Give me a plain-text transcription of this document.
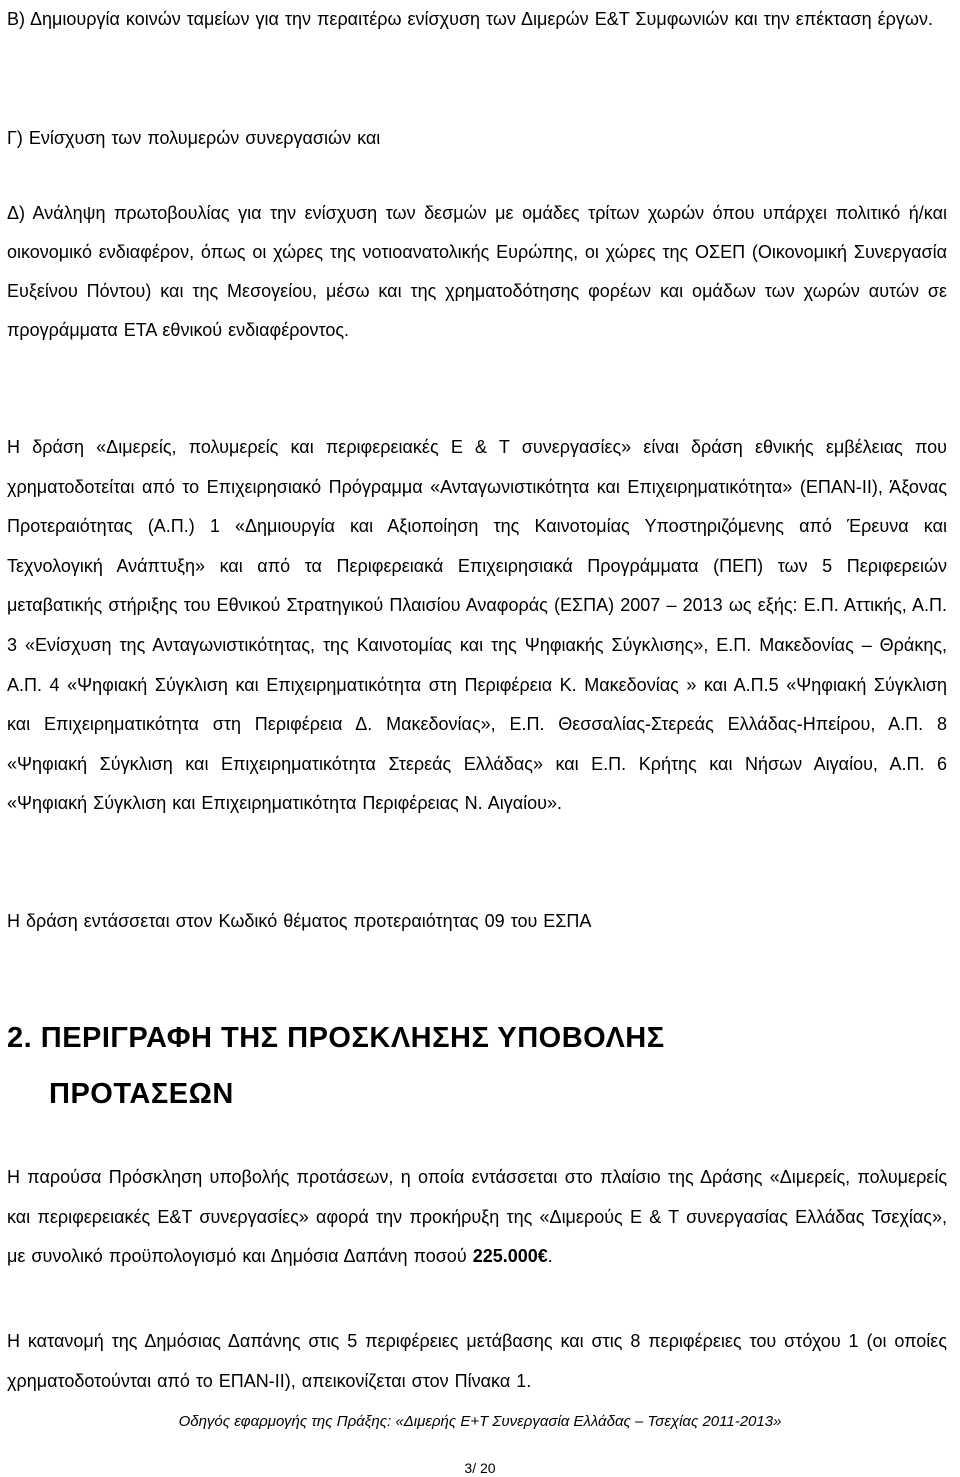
Β) Δημιουργία κοινών ταμείων για την περαιτέρω ενίσχυση των Διμερών Ε&Τ Συμφωνιών και την επέκταση έργων.

Γ) Ενίσχυση των πολυμερών συνεργασιών και

Δ) Ανάληψη πρωτοβουλίας για την ενίσχυση των δεσμών με ομάδες τρίτων χωρών όπου υπάρχει πολιτικό ή/και οικονομικό ενδιαφέρον, όπως οι χώρες της νοτιοανατολικής Ευρώπης, οι χώρες της ΟΣΕΠ (Οικονομική Συνεργασία Ευξείνου Πόντου) και της Μεσογείου, μέσω και της χρηματοδότησης φορέων και ομάδων των χωρών αυτών σε προγράμματα ΕΤΑ εθνικού ενδιαφέροντος.

Η δράση «Διμερείς, πολυμερείς και περιφερειακές Ε & Τ συνεργασίες» είναι δράση εθνικής εμβέλειας που χρηματοδοτείται από το Επιχειρησιακό Πρόγραμμα «Ανταγωνιστικότητα και Επιχειρηματικότητα» (ΕΠΑΝ-ΙΙ), Άξονας Προτεραιότητας (Α.Π.) 1 «Δημιουργία και Αξιοποίηση της Καινοτομίας Υποστηριζόμενης από Έρευνα και Τεχνολογική Ανάπτυξη» και από τα Περιφερειακά Επιχειρησιακά Προγράμματα (ΠΕΠ) των 5 Περιφερειών μεταβατικής στήριξης του Εθνικού Στρατηγικού Πλαισίου Αναφοράς (ΕΣΠΑ) 2007 – 2013 ως εξής: Ε.Π. Αττικής, Α.Π. 3 «Ενίσχυση της Ανταγωνιστικότητας, της Καινοτομίας και της Ψηφιακής Σύγκλισης», Ε.Π. Μακεδονίας – Θράκης, Α.Π. 4 «Ψηφιακή Σύγκλιση και Επιχειρηματικότητα στη Περιφέρεια Κ. Μακεδονίας » και Α.Π.5 «Ψηφιακή Σύγκλιση και Επιχειρηματικότητα στη Περιφέρεια Δ. Μακεδονίας», Ε.Π. Θεσσαλίας-Στερεάς Ελλάδας-Ηπείρου, Α.Π. 8 «Ψηφιακή Σύγκλιση και Επιχειρηματικότητα Στερεάς Ελλάδας» και Ε.Π. Κρήτης και Νήσων Αιγαίου, Α.Π. 6 «Ψηφιακή Σύγκλιση και Επιχειρηματικότητα Περιφέρειας Ν. Αιγαίου».

Η δράση εντάσσεται στον Κωδικό θέματος προτεραιότητας 09 του ΕΣΠΑ

2. ΠΕΡΙΓΡΑΦΗ ΤΗΣ ΠΡΟΣΚΛΗΣΗΣ ΥΠΟΒΟΛΗΣ
ΠΡΟΤΑΣΕΩΝ

Η παρούσα Πρόσκληση υποβολής προτάσεων, η οποία εντάσσεται στο πλαίσιο της Δράσης «Διμερείς, πολυμερείς και περιφερειακές Ε&Τ συνεργασίες» αφορά την προκήρυξη της «Διμερούς Ε & Τ συνεργασίας Ελλάδας Τσεχίας», με συνολικό προϋπολογισμό και Δημόσια Δαπάνη ποσού 225.000€.

Η κατανομή της Δημόσιας Δαπάνης στις 5 περιφέρειες μετάβασης και στις 8 περιφέρειες του στόχου 1 (οι οποίες χρηματοδοτούνται από το ΕΠΑΝ-ΙΙ), απεικονίζεται στον Πίνακα 1.

Οδηγός εφαρμογής της Πράξης: «Διμερής Ε+Τ Συνεργασία Ελλάδας – Τσεχίας 2011-2013»
3/ 20
